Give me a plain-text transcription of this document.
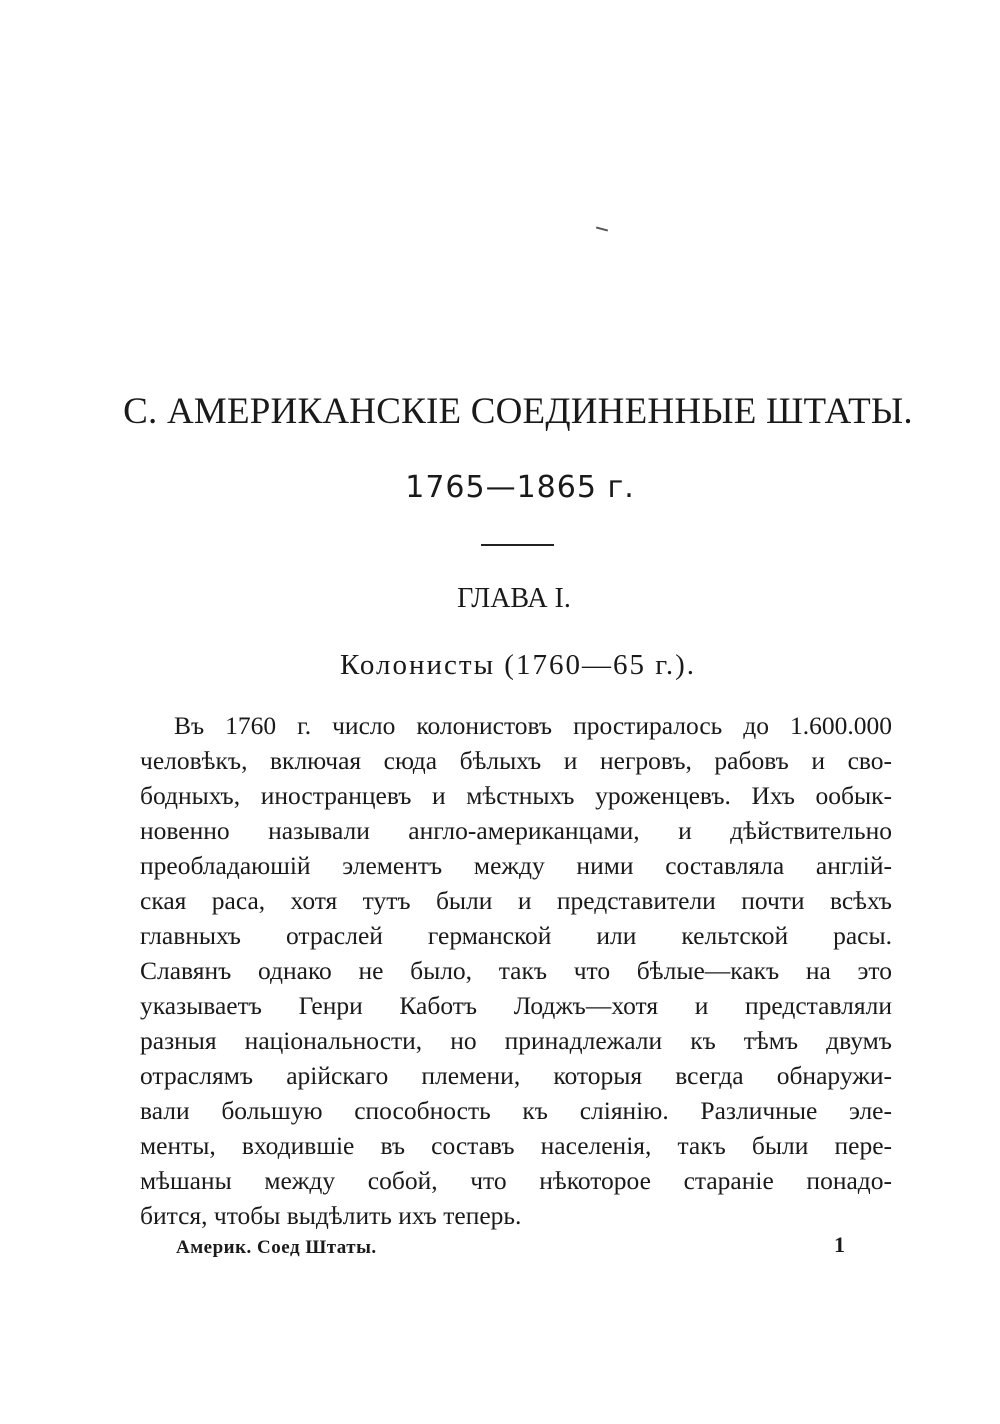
С. АМЕРИКАНСКIЕ СОЕДИНЕННЫЕ ШТАТЫ.
1765—1865 г.
ГЛАВА I.
Колонисты (1760—65 г.).
Въ 1760 г. число колонистовъ простиралось до 1.600.000
человѣкъ, включая сюда бѣлыхъ и негровъ, рабовъ и сво-
бодныхъ, иностранцевъ и мѣстныхъ уроженцевъ. Ихъ ообык-
новенно называли англо-американцами, и дѣйствительно
преобладаюшiй элементъ между ними составляла англiй-
ская раса, хотя тутъ были и представители почти всѣхъ
главныхъ отраслей германской или кельтской расы.
Славянъ однако не было, такъ что бѣлые—какъ на это
указываетъ Генри Каботъ Лоджъ—хотя и представляли
разныя нацiональности, но принадлежали къ тѣмъ двумъ
отраслямъ арiйскаго племени, которыя всегда обнаружи-
вали большую способность къ слiянiю. Различные эле-
менты, входившiе въ составъ населенiя, такъ были пере-
мѣшаны между собой, что нѣкоторое старанiе понадо-
бится, чтобы выдѣлить ихъ теперь.
Америк. Соед Штаты.	1
